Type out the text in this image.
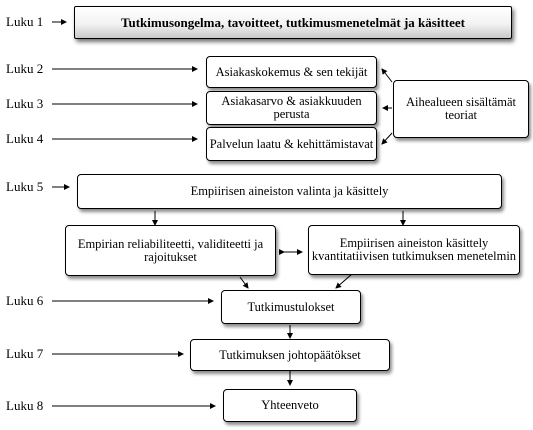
Luku 1
Luku 2
Luku 3
Luku 4
Luku 5
Luku 6
Luku 7
Luku 8
Tutkimusongelma, tavoitteet, tutkimusmenetelmät ja käsitteet
Asiakaskokemus & sen tekijät
Asiakasarvo & asiakkuuden perusta
Palvelun laatu & kehittämistavat
Aihealueen sisältämät teoriat
Empiirisen aineiston valinta ja käsittely
Empirian reliabiliteetti, validiteetti ja rajoitukset
Empiirisen aineiston käsittely kvantitatiivisen tutkimuksen menetelmin
Tutkimustulokset
Tutkimuksen johtopäätökset
Yhteenveto
